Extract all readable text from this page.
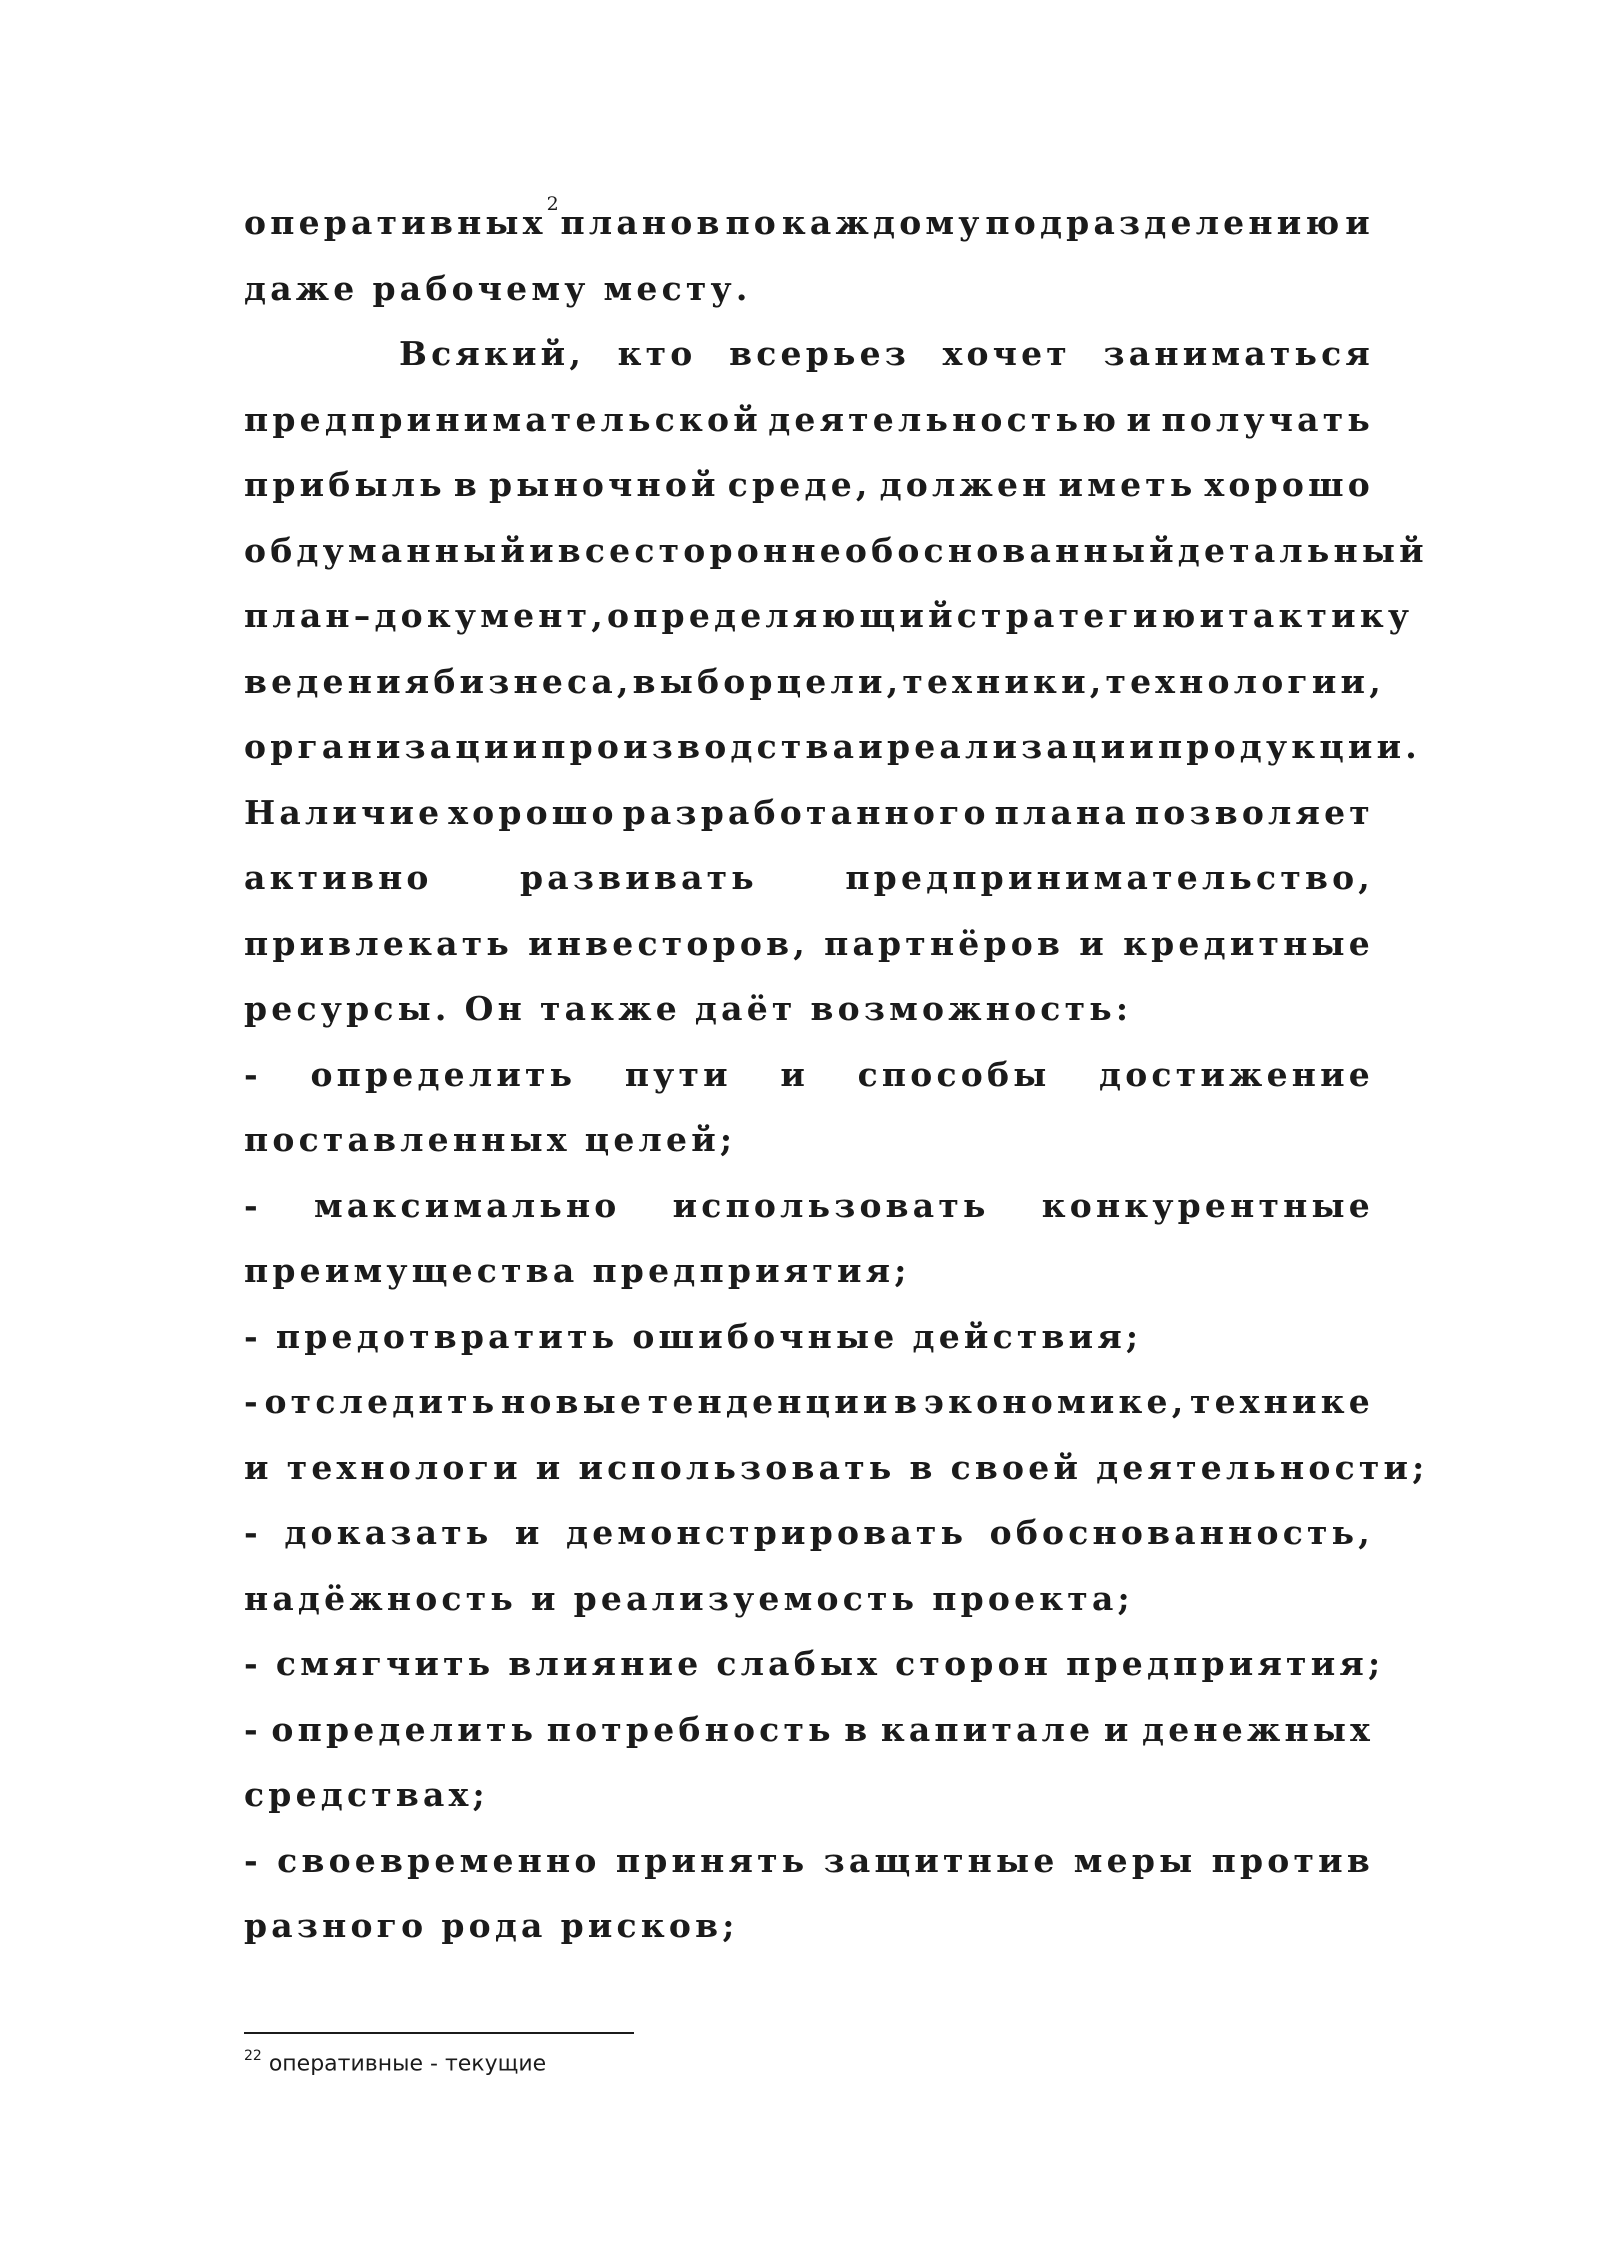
оперативных$^2$ планов по каждому подразделению и
даже рабочему месту.
Всякий, кто всерьез хочет заниматься
предпринимательской деятельностью и получать
прибыль в рыночной среде, должен иметь хорошо
обдуманный и всесторонне обоснованный детальный
план – документ, определяющий стратегию и тактику
ведения бизнеса, выбор цели, техники, технологии,
организации производства и реализации продукции.
Наличие хорошо разработанного плана позволяет
активно	развивать	предпринимательство,
привлекать инвесторов, партнёров и кредитные
ресурсы. Он также даёт возможность:
- определить пути и способы достижение
поставленных целей;
- максимально использовать конкурентные
преимущества предприятия;
- предотвратить ошибочные действия;
- отследить новые тенденции в экономике, технике
и технологи и использовать в своей деятельности;
- доказать и демонстрировать обоснованность,
надёжность и реализуемость проекта;
- смягчить влияние слабых сторон предприятия;
- определить потребность в капитале и денежных
средствах;
- своевременно принять защитные меры против
разного рода рисков;
$^{22}$ оперативные - текущие
